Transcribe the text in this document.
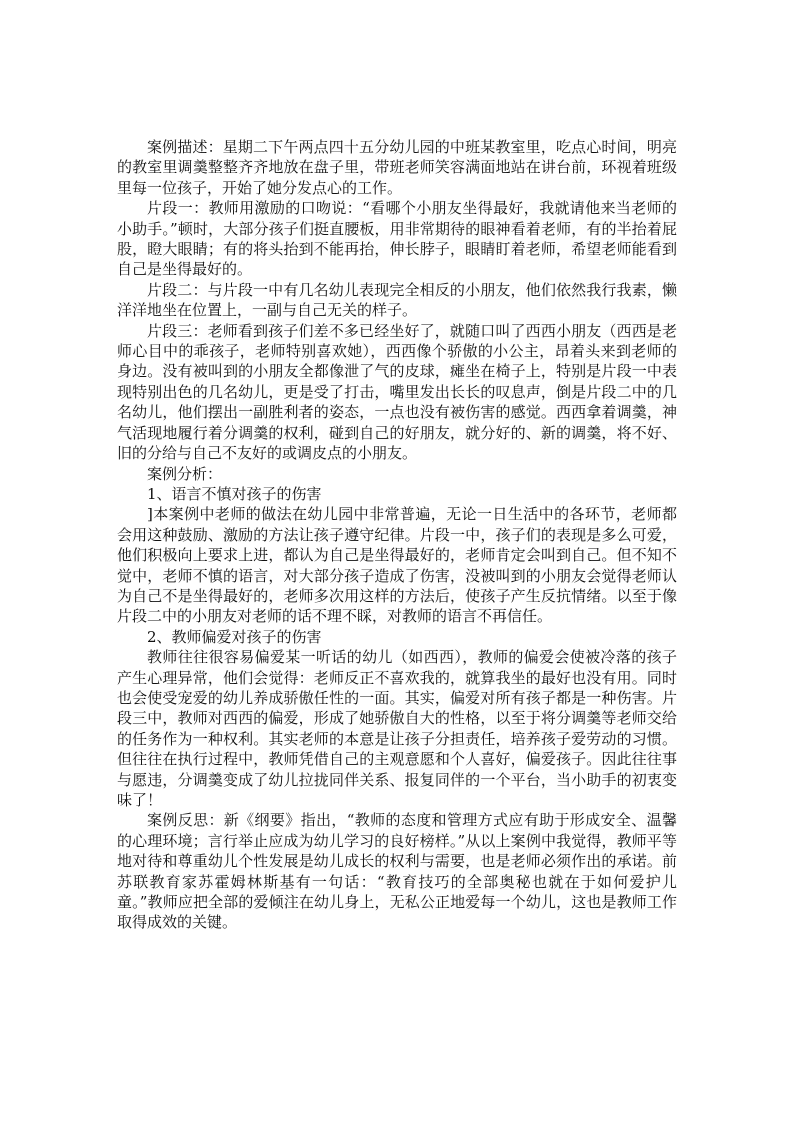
案例描述：星期二下午两点四十五分幼儿园的中班某教室里，吃点心时间，明亮的教室里调羹整整齐齐地放在盘子里，带班老师笑容满面地站在讲台前，环视着班级里每一位孩子，开始了她分发点心的工作。

片段一：教师用激励的口吻说：“看哪个小朋友坐得最好，我就请他来当老师的小助手。”顿时，大部分孩子们挺直腰板，用非常期待的眼神看着老师，有的半抬着屁股，瞪大眼睛；有的将头抬到不能再抬，伸长脖子，眼睛盯着老师，希望老师能看到自己是坐得最好的。

片段二：与片段一中有几名幼儿表现完全相反的小朋友，他们依然我行我素，懒洋洋地坐在位置上，一副与自己无关的样子。

片段三：老师看到孩子们差不多已经坐好了，就随口叫了西西小朋友（西西是老师心目中的乖孩子，老师特别喜欢她），西西像个骄傲的小公主，昂着头来到老师的身边。没有被叫到的小朋友全都像泄了气的皮球，瘫坐在椅子上，特别是片段一中表现特别出色的几名幼儿，更是受了打击，嘴里发出长长的叹息声，倒是片段二中的几名幼儿，他们摆出一副胜利者的姿态，一点也没有被伤害的感觉。西西拿着调羹，神气活现地履行着分调羹的权利，碰到自己的好朋友，就分好的、新的调羹，将不好、旧的分给与自己不友好的或调皮点的小朋友。

案例分析：

1、语言不慎对孩子的伤害

]本案例中老师的做法在幼儿园中非常普遍，无论一日生活中的各环节，老师都会用这种鼓励、激励的方法让孩子遵守纪律。片段一中，孩子们的表现是多么可爱，他们积极向上要求上进，都认为自己是坐得最好的，老师肯定会叫到自己。但不知不觉中，老师不慎的语言，对大部分孩子造成了伤害，没被叫到的小朋友会觉得老师认为自己不是坐得最好的，老师多次用这样的方法后，使孩子产生反抗情绪。以至于像片段二中的小朋友对老师的话不理不睬，对教师的语言不再信任。

2、教师偏爱对孩子的伤害

教师往往很容易偏爱某一听话的幼儿（如西西），教师的偏爱会使被冷落的孩子产生心理异常，他们会觉得：老师反正不喜欢我的，就算我坐的最好也没有用。同时也会使受宠爱的幼儿养成骄傲任性的一面。其实，偏爱对所有孩子都是一种伤害。片段三中，教师对西西的偏爱，形成了她骄傲自大的性格，以至于将分调羹等老师交给的任务作为一种权利。其实老师的本意是让孩子分担责任，培养孩子爱劳动的习惯。但往往在执行过程中，教师凭借自己的主观意愿和个人喜好，偏爱孩子。因此往往事与愿违，分调羹变成了幼儿拉拢同伴关系、报复同伴的一个平台，当小助手的初衷变味了！

案例反思：新《纲要》指出，“教师的态度和管理方式应有助于形成安全、温馨的心理环境；言行举止应成为幼儿学习的良好榜样。”从以上案例中我觉得，教师平等地对待和尊重幼儿个性发展是幼儿成长的权利与需要，也是老师必须作出的承诺。前苏联教育家苏霍姆林斯基有一句话：“教育技巧的全部奥秘也就在于如何爱护儿童。”教师应把全部的爱倾注在幼儿身上，无私公正地爱每一个幼儿，这也是教师工作取得成效的关键。
